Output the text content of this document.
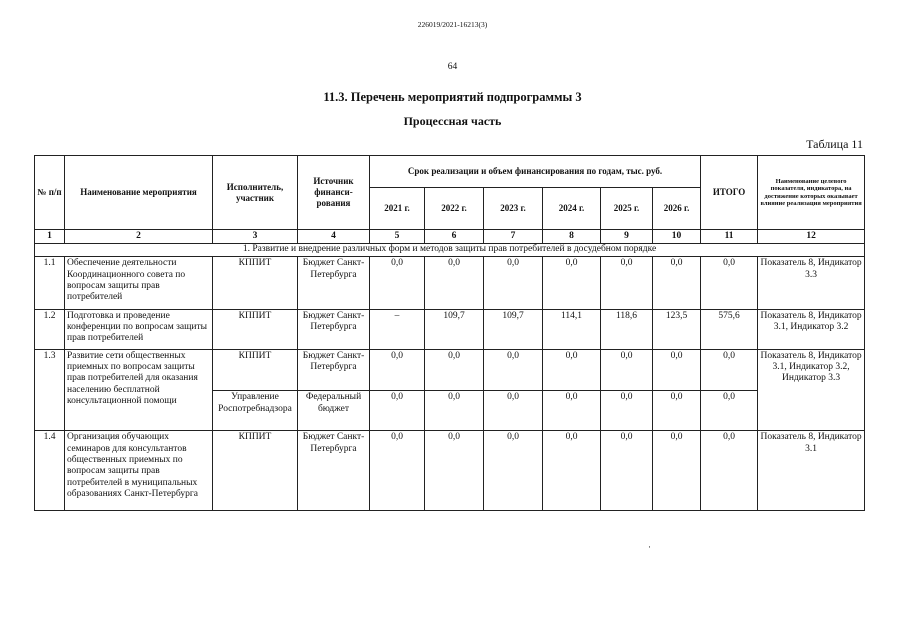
226019/2021-16213(3)
64
11.3. Перечень мероприятий подпрограммы 3
Процессная часть
Таблица 11
·
№ п/п	Наименование мероприятия	Исполнитель, участник	Источник финанси-рования	Срок реализации и объем финансирования по годам, тыс. руб.						ИТОГО	Наименование целевого показателя, индикатора, на достижение которых оказывает влияние реализация мероприятия
				2021 г.	2022 г.	2023 г.	2024 г.	2025 г.	2026 г.		
1	2	3	4	5	6	7	8	9	10	11	12
1. Развитие и внедрение различных форм и методов защиты прав потребителей в досудебном порядке											
1.1	Обеспечение деятельности Координационного совета по вопросам защиты прав потребителей	КППИТ	Бюджет Санкт-Петербурга	0,0	0,0	0,0	0,0	0,0	0,0	0,0	Показатель 8, Индикатор 3.3
1.2	Подготовка и проведение конференции по вопросам защиты прав потребителей	КППИТ	Бюджет Санкт-Петербурга	–	109,7	109,7	114,1	118,6	123,5	575,6	Показатель 8, Индикатор 3.1, Индикатор 3.2
1.3	Развитие сети общественных приемных по вопросам защиты прав потребителей для оказания населению бесплатной консультационной помощи	КППИТ	Бюджет Санкт-Петербурга	0,0	0,0	0,0	0,0	0,0	0,0	0,0	Показатель 8, Индикатор 3.1, Индикатор 3.2, Индикатор 3.3
		Управление Роспотребнадзора	Федеральный бюджет	0,0	0,0	0,0	0,0	0,0	0,0	0,0	
1.4	Организация обучающих семинаров для консультантов общественных приемных по вопросам защиты прав потребителей в муниципальных образованиях Санкт-Петербурга	КППИТ	Бюджет Санкт-Петербурга	0,0	0,0	0,0	0,0	0,0	0,0	0,0	Показатель 8, Индикатор 3.1
